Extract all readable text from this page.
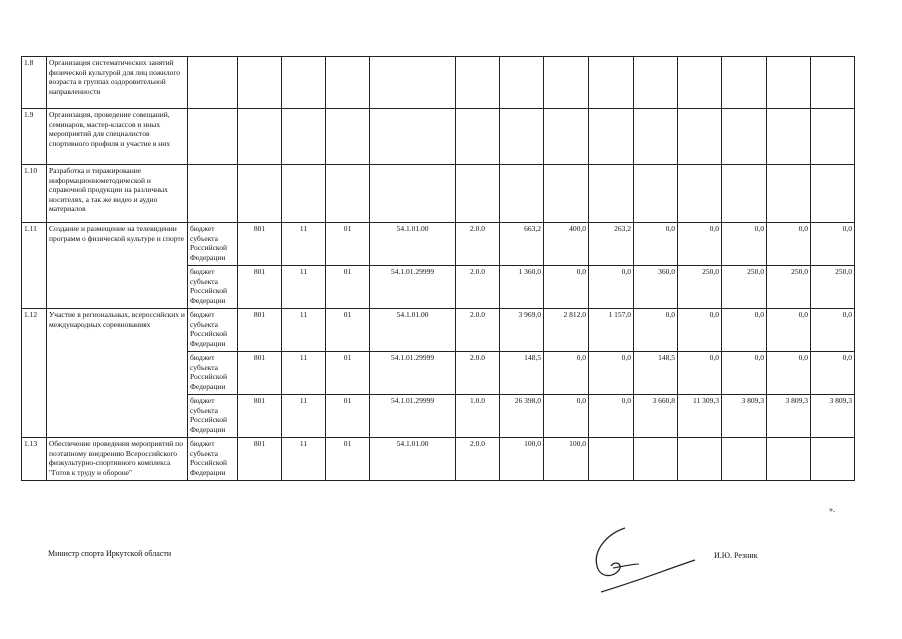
1.8	Организация систематических занятий физической культурой для лиц пожилого возраста в группах оздоровительной направленности														
1.9	Организация, проведение совещаний, семинаров, мастер-классов и иных мероприятий для специалистов спортивного профиля и участие в них														
1.10	Разработка и тиражирование информационнометодической и справочной продукции на различных носителях, а так же видео и аудио материалов														
1.11	Создание и размещение на телевидении программ о физической культуре и спорте	бюджет субъекта Российской Федерации	801	11	01	54.1.01.00	2.0.0	663,2	400,0	263,2	0,0	0,0	0,0	0,0	0,0
		бюджет субъекта Российской Федерации	801	11	01	54.1.01.29999	2.0.0	1 360,0	0,0	0,0	360,0	250,0	250,0	250,0	250,0
1.12	Участие в региональных, всероссийских и международных соревнованиях	бюджет субъекта Российской Федерации	801	11	01	54.1.01.00	2.0.0	3 969,0	2 812,0	1 157,0	0,0	0,0	0,0	0,0	0,0
		бюджет субъекта Российской Федерации	801	11	01	54.1.01.29999	2.0.0	148,5	0,0	0,0	148,5	0,0	0,0	0,0	0,0
		бюджет субъекта Российской Федерации	801	11	01	54.1.01.29999	1.0.0	26 398,0	0,0	0,0	3 660,8	11 309,3	3 809,3	3 809,3	3 809,3
1.13	Обеспечение проведения мероприятий по поэтапному внедрению Всероссийского физкультурно-спортивного комплекса "Готов к труду и обороне"	бюджет субъекта Российской Федерации	801	11	01	54.1.01.00	2.0.0	100,0	100,0						
».
Министр спорта Иркутской области	И.Ю. Резник
